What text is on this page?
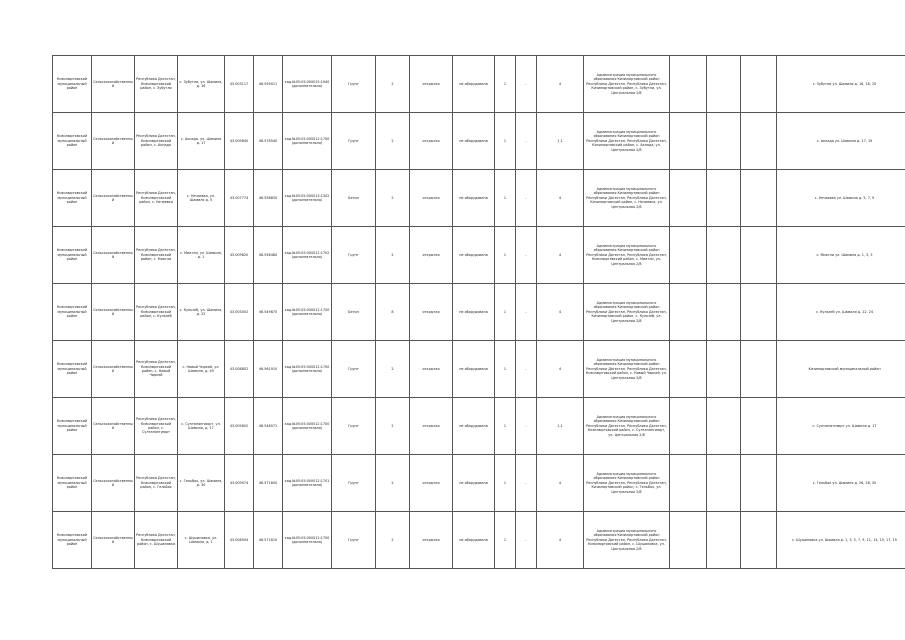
Кизилюртовский муниципальный район	Сельскохозяйственный	Республика Дагестан, Кизилюртовский район, с. Зубутли	с. Зубутли, ул. Шамиля, д. 16	43.003117	46.559011	кад.№05:05:000015:1940 (дополнительно)	Грунт	2	открытая	не оборудована	1	-	4	Администрация муниципального образования Кизилюртовский район Республики Дагестан, Республика Дагестан, Кизилюртовский район, с. Зубутли, ул. Центральная 2/8				с. Зубутли ул. Шамиля д. 16, 18, 20
Кизилюртовский муниципальный район	Сельскохозяйственный	Республика Дагестан, Кизилюртовский район, с. Акнада	с. Акнада, ул. Шамиля д. 17	43.009840	46.578540	кад.№05:05:000012:1700 (дополнительно)	Грунт	2	открытая	не оборудована	1	-	1,1	Администрация муниципального образования Кизилюртовский район Республики Дагестан, Республика Дагестан, Кизилюртовский район, с. Акнада, ул. Центральная 2/8				с. Акнада ул. Шамиля д. 17, 19
Кизилюртовский муниципальный район	Сельскохозяйственный	Республика Дагестан, Кизилюртовский район, с. Нечаевка	с. Нечаевка, ул. Шамиля д. 5	43.007774	46.558850	кад.№05:05:000013:1302 (дополнительно)	Бетон	2	открытая	не оборудована	1	-	4	Администрация муниципального образования Кизилюртовский район Республики Дагестан, Республика Дагестан, Кизилюртовский район, с. Нечаевка, ул. Центральная 2/8				с. Нечаевка ул. Шамиля д. 5, 7, 9
Кизилюртовский муниципальный район	Сельскохозяйственный	Республика Дагестан, Кизилюртовский район, с. Миатли	с. Миатли, ул. Шамиля, д. 1	43.009820	46.556480	кад.№05:05:000012:1702 (дополнительно)	Грунт	2	открытая	не оборудована	1	-	4	Администрация муниципального образования Кизилюртовский район Республики Дагестан, Республика Дагестан, Кизилюртовский район, с. Миатли, ул. Центральная 2/8				с. Миатли ул. Шамиля д. 1, 3, 5
Кизилюртовский муниципальный район	Сельскохозяйственный	Республика Дагестан, Кизилюртовский район, с. Кульзеб	с. Кульзеб, ул. Шамиля, д. 22	43.003002	46.549870	кад.№05:05:000012:1700 (дополнительно)	Бетон	8	открытая	не оборудована	1	-	4	Администрация муниципального образования Кизилюртовский район Республики Дагестан, Республика Дагестан, Кизилюртовский район, с. Кульзеб, ул. Центральная 2/8				с. Кульзеб ул. Шамиля д. 22, 24
Кизилюртовский муниципальный район	Сельскохозяйственный	Республика Дагестан, Кизилюртовский район, с. Новый Чиркей	с. Новый Чиркей, ул. Шамиля, д. 49	43.008802	46.561910	кад.№05:05:000012:1700 (дополнительно)	Грунт	2	открытая	не оборудована	1	-	4	Администрация муниципального образования Кизилюртовский район Республики Дагестан, Республика Дагестан, Кизилюртовский район, с. Новый Чиркей, ул. Центральная 2/8				Кизилюртовский муниципальный район
Кизилюртовский муниципальный район	Сельскохозяйственный	Республика Дагестан, Кизилюртовский район, с. Султанянгиюрт	с. Султанянгиюрт, ул. Шамиля, д. 17	43.005802	46.548071	кад.№05:05:000012:1700 (дополнительно)	Грунт	2	открытая	не оборудована	1	-	1,1	Администрация муниципального образования Кизилюртовский район Республики Дагестан, Республика Дагестан, Кизилюртовский район, с. Султанянгиюрт, ул. Центральная 2/8				с. Султанянгиюрт ул. Шамиля д. 17
Кизилюртовский муниципальный район	Сельскохозяйственный	Республика Дагестан, Кизилюртовский район, с. Гельбах	с. Гельбах, ул. Шамиля, д. 30	43.009974	46.571600	кад.№05:05:000012:1701 (дополнительно)	Грунт	2	открытая	не оборудована	1	-	4	Администрация муниципального образования Кизилюртовский район Республики Дагестан, Республика Дагестан, Кизилюртовский район, с. Гельбах, ул. Центральная 2/8				с. Гельбах ул. Шамиля д. 26, 28, 30
Кизилюртовский муниципальный район	Сельскохозяйственный	Республика Дагестан, Кизилюртовский район, с. Шушановка	с. Шушановка, ул. Шамиля, д. 1	43.008504	46.571610	кад.№05:05:000012:1700 (дополнительно)	Грунт	2	открытая	не оборудована	1	-	4	Администрация муниципального образования Кизилюртовский район Республики Дагестан, Республика Дагестан, Кизилюртовский район, с. Шушановка, ул. Центральная 2/8				с. Шушановка ул. Шамиля д. 1, 3, 5, 7, 9, 11, 13, 15, 17, 19
